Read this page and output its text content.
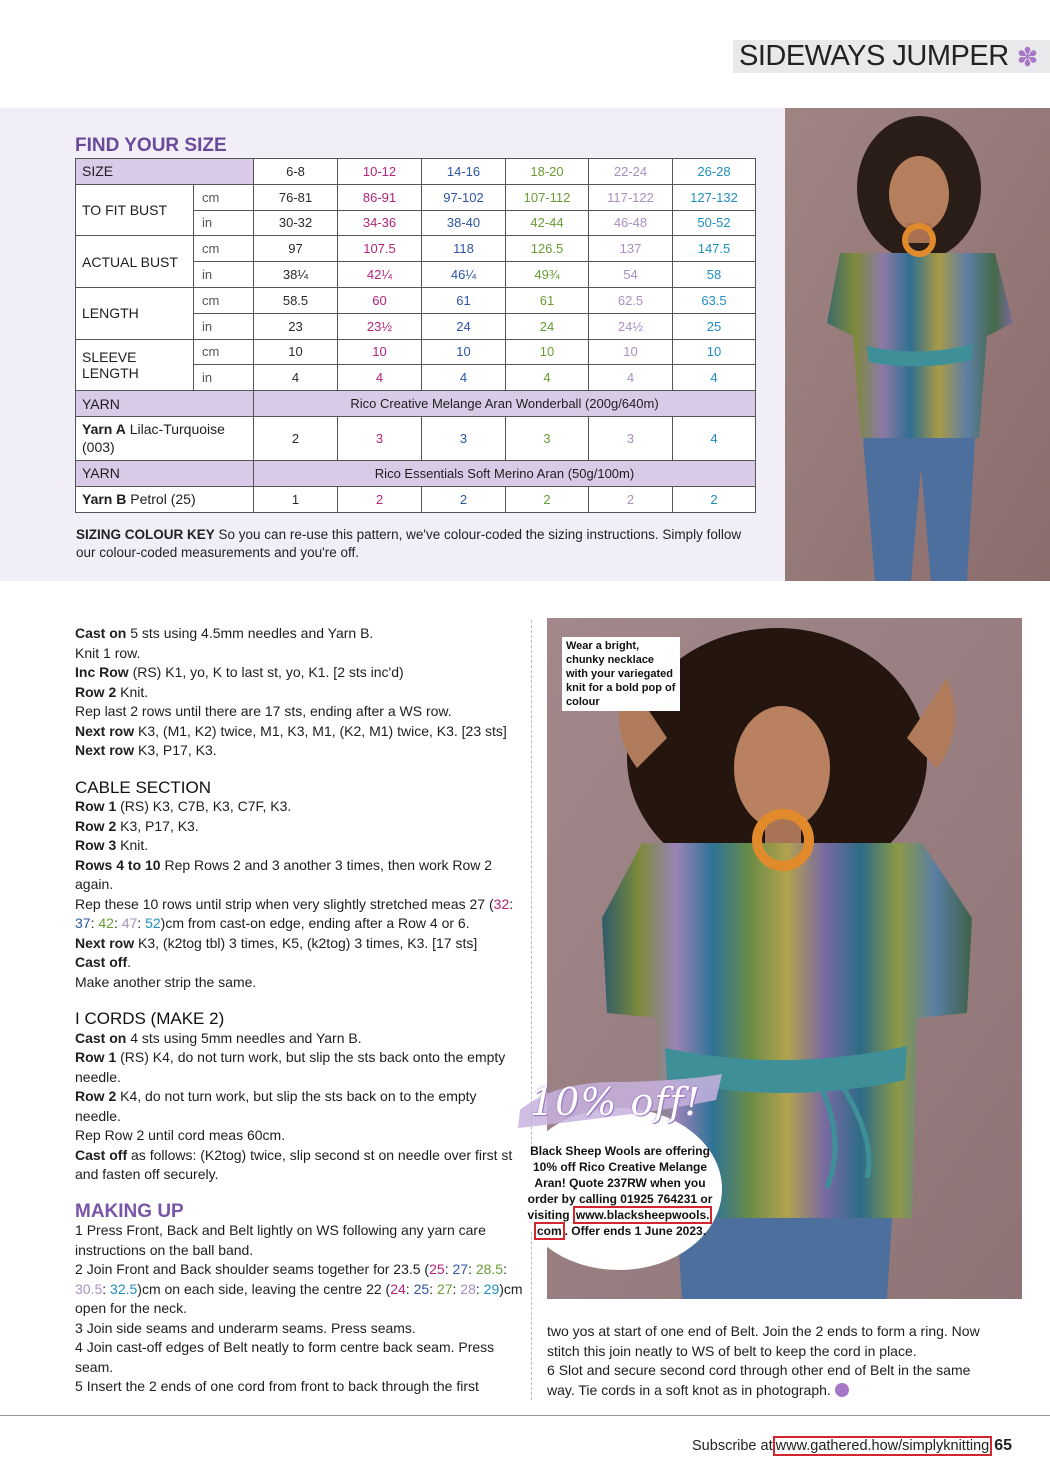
SIDEWAYS JUMPER ✽
FIND YOUR SIZE
SIZE		6-8	10-12	14-16	18-20	22-24	26-28
TO FIT BUST	cm	76-81	86-91	97-102	107-112	117-122	127-132
	in	30-32	34-36	38-40	42-44	46-48	50-52
ACTUAL BUST	cm	97	107.5	118	126.5	137	147.5
	in	38¼	42¼	46¼	49¾	54	58
LENGTH	cm	58.5	60	61	61	62.5	63.5
	in	23	23½	24	24	24½	25
SLEEVE LENGTH	cm	10	10	10	10	10	10
	in	4	4	4	4	4	4
YARN		Rico Creative Melange Aran Wonderball (200g/640m)					
Yarn A Lilac-Turquoise (003)		2	3	3	3	3	4
YARN		Rico Essentials Soft Merino Aran (50g/100m)					
Yarn B Petrol (25)		1	2	2	2	2	2
SIZING COLOUR KEY So you can re-use this pattern, we've colour-coded the sizing instructions. Simply follow our colour-coded measurements and you're off.

Cast on 5 sts using 4.5mm needles and Yarn B.

Knit 1 row.

Inc Row (RS) K1, yo, K to last st, yo, K1. [2 sts inc'd)

Row 2 Knit.

Rep last 2 rows until there are 17 sts, ending after a WS row.

Next row K3, (M1, K2) twice, M1, K3, M1, (K2, M1) twice, K3. [23 sts]

Next row K3, P17, K3.

CABLE SECTION

Row 1 (RS) K3, C7B, K3, C7F, K3.

Row 2 K3, P17, K3.

Row 3 Knit.

Rows 4 to 10 Rep Rows 2 and 3 another 3 times, then work Row 2 again.

Rep these 10 rows until strip when very slightly stretched meas 27 (32: 37: 42: 47: 52)cm from cast-on edge, ending after a Row 4 or 6.

Next row K3, (k2tog tbl) 3 times, K5, (k2tog) 3 times, K3. [17 sts]

Cast off.

Make another strip the same.

I CORDS (MAKE 2)

Cast on 4 sts using 5mm needles and Yarn B.

Row 1 (RS) K4, do not turn work, but slip the sts back onto the empty needle.

Row 2 K4, do not turn work, but slip the sts back on to the empty needle.

Rep Row 2 until cord meas 60cm.

Cast off as follows: (K2tog) twice, slip second st on needle over first st and fasten off securely.

MAKING UP

1 Press Front, Back and Belt lightly on WS following any yarn care instructions on the ball band.

2 Join Front and Back shoulder seams together for 23.5 (25: 27: 28.5: 30.5: 32.5)cm on each side, leaving the centre 22 (24: 25: 27: 28: 29)cm open for the neck.

3 Join side seams and underarm seams. Press seams.

4 Join cast-off edges of Belt neatly to form centre back seam. Press seam.

5 Insert the 2 ends of one cord from front to back through the first

Wear a bright, chunky necklace with your variegated knit for a bold pop of colour
10% off!
Black Sheep Wools are offering 10% off Rico Creative Melange Aran! Quote 237RW when you order by calling 01925 764231 or visiting www.blacksheepwools.
com . Offer ends 1 June 2023.

two yos at start of one end of Belt. Join the 2 ends to form a ring. Now stitch this join neatly to WS of belt to keep the cord in place.

6 Slot and secure second cord through other end of Belt in the same way. Tie cords in a soft knot as in photograph.

Subscribe at www.gathered.how/simplyknitting 65
